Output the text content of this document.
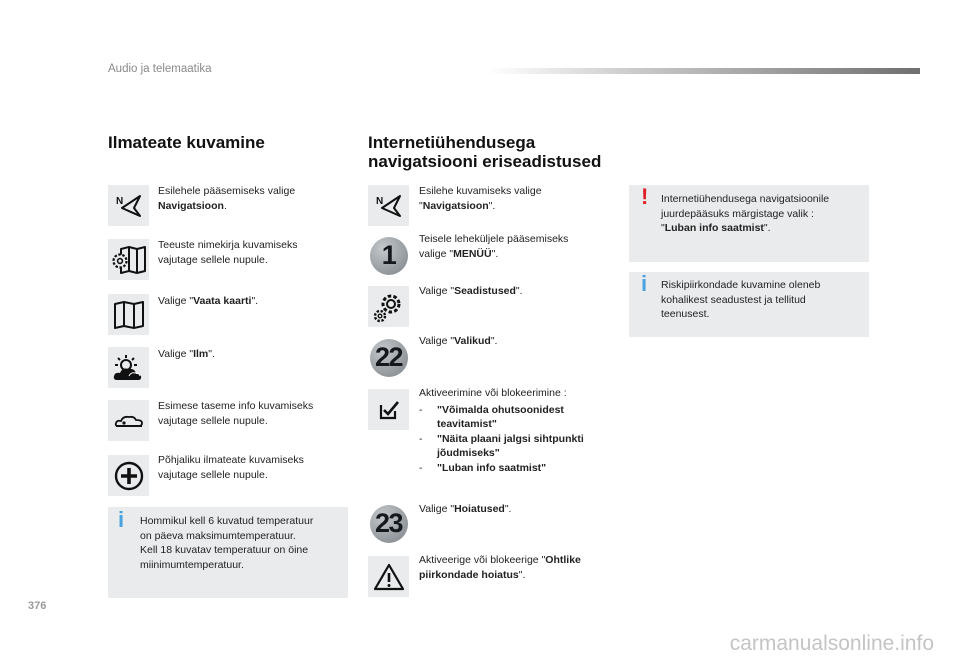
Audio ja telemaatika
Ilmateate kuvamine
N
Esilehele pääsemiseks valige
Navigatsioon.
Teeuste nimekirja kuvamiseks
vajutage sellele nupule.
Valige "Vaata kaarti".
Valige "Ilm".
Esimese taseme info kuvamiseks
vajutage sellele nupule.
Põhjaliku ilmateate kuvamiseks
vajutage sellele nupule.
i Hommikul kell 6 kuvatud temperatuur
on päeva maksimumtemperatuur.
Kell 18 kuvatav temperatuur on öine
miinimumtemperatuur.
Internetiühendusega
navigatsiooni eriseadistused
N
Esilehe kuvamiseks valige
"Navigatsioon".
1
Teisele leheküljele pääsemiseks
valige "MENÜÜ".
Valige "Seadistused".
22
Valige "Valikud".
Aktiveerimine või blokeerimine :
-	"Võimalda ohutsoonidest
teavitamist"
-	"Näita plaani jalgsi sihtpunkti
jõudmiseks"
-	"Luban info saatmist"
23	Valige "Hoiatused".
Aktiveerige või blokeerige "Ohtlike
piirkondade hoiatus".
! Internetiühendusega navigatsioonile
juurdepääsuks märgistage valik :
"Luban info saatmist".
i Riskipiirkondade kuvamine oleneb
kohalikest seadustest ja tellitud
teenusest.
376
carmanualsonline.info
